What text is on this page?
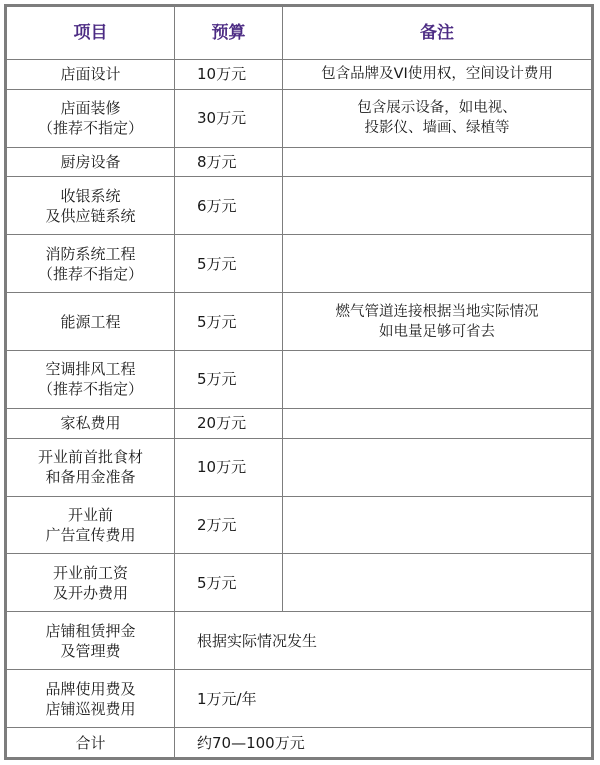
项目	预算	备注

店面设计	10万元	包含品牌及VI使用权，空间设计费用

店面装修
（推荐不指定）	30万元	包含展示设备，如电视、
投影仪、墙画、绿植等

厨房设备	8万元	

收银系统
及供应链系统	6万元	

消防系统工程
（推荐不指定）	5万元	

能源工程	5万元	燃气管道连接根据当地实际情况
如电量足够可省去

空调排风工程
（推荐不指定）	5万元	

家私费用	20万元	

开业前首批食材
和备用金准备	10万元	

开业前
广告宣传费用	2万元	

开业前工资
及开办费用	5万元	

店铺租赁押金
及管理费	根据实际情况发生	

品牌使用费及
店铺巡视费用	1万元/年	

合计	约70—100万元	
